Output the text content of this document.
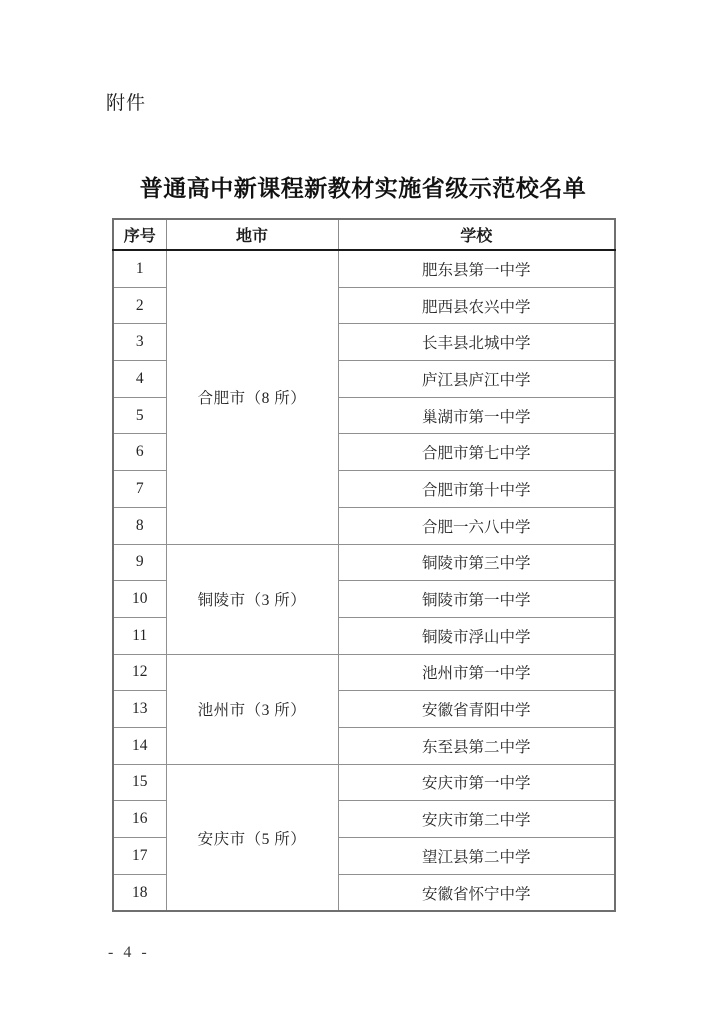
附件
普通高中新课程新教材实施省级示范校名单
序号	地市	学校
1	合肥市（8 所）	肥东县第一中学
2		肥西县农兴中学
3		长丰县北城中学
4		庐江县庐江中学
5		巢湖市第一中学
6		合肥市第七中学
7		合肥市第十中学
8		合肥一六八中学
9	铜陵市（3 所）	铜陵市第三中学
10		铜陵市第一中学
11		铜陵市浮山中学
12	池州市（3 所）	池州市第一中学
13		安徽省青阳中学
14		东至县第二中学
15	安庆市（5 所）	安庆市第一中学
16		安庆市第二中学
17		望江县第二中学
18		安徽省怀宁中学
- 4 -
